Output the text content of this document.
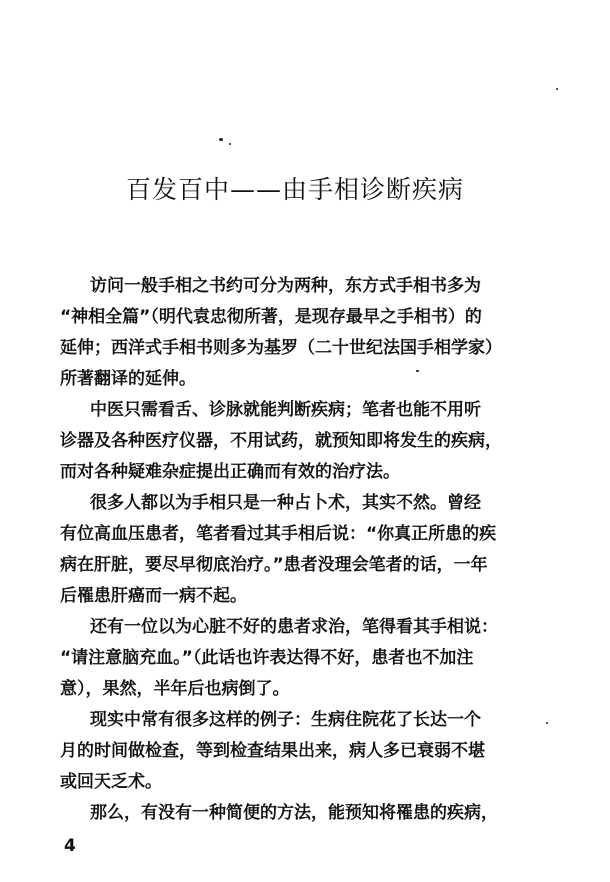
百发百中——由手相诊断疾病
访问一般手相之书约可分为两种，东方式手相书多为
“神相全篇”（明代袁忠彻所著，是现存最早之手相书）的
延伸；西洋式手相书则多为基罗（二十世纪法国手相学家）
所著翻译的延伸。
中医只需看舌、诊脉就能判断疾病；笔者也能不用听
诊器及各种医疗仪器，不用试药，就预知即将发生的疾病，
而对各种疑难杂症提出正确而有效的治疗法。
很多人都以为手相只是一种占卜术，其实不然。曾经
有位高血压患者，笔者看过其手相后说：“你真正所患的疾
病在肝脏，要尽早彻底治疗。”患者没理会笔者的话，一年
后罹患肝癌而一病不起。
还有一位以为心脏不好的患者求治，笔得看其手相说：
“请注意脑充血。”（此话也许表达得不好，患者也不加注
意），果然，半年后也病倒了。
现实中常有很多这样的例子：生病住院花了长达一个
月的时间做检查，等到检查结果出来，病人多已衰弱不堪
或回天乏术。
那么，有没有一种简便的方法，能预知将罹患的疾病，
4
